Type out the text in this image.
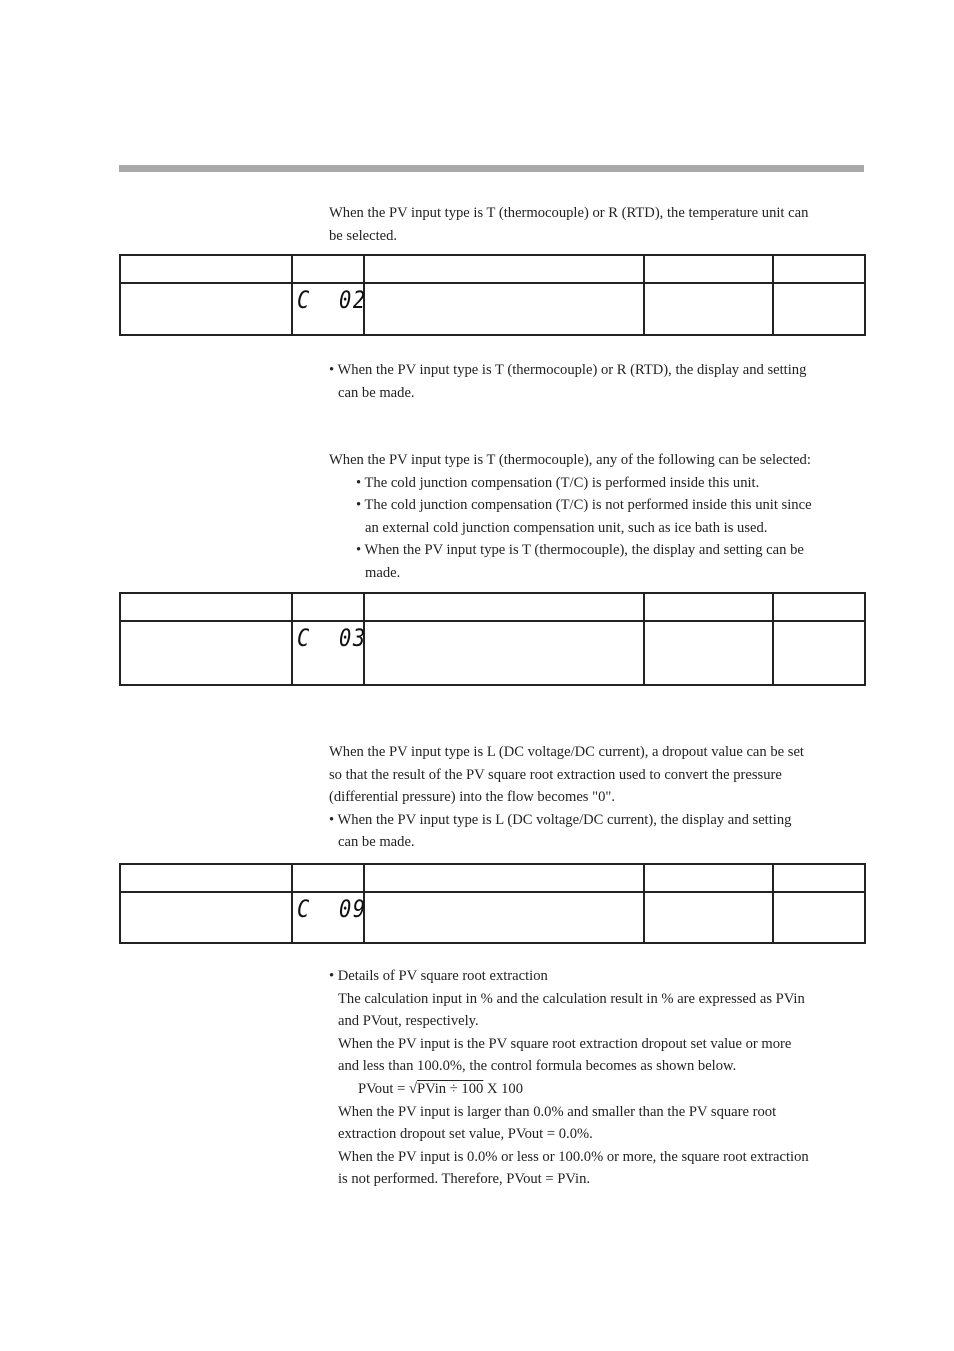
When the PV input type is T (thermocouple) or R (RTD), the temperature unit can

be selected.

	C  02			

• When the PV input type is T (thermocouple) or R (RTD), the display and setting

can be made.

When the PV input type is T (thermocouple), any of the following can be selected:

• The cold junction compensation (T/C) is performed inside this unit.

• The cold junction compensation (T/C) is not performed inside this unit since

an external cold junction compensation unit, such as ice bath is used.

• When the PV input type is T (thermocouple), the display and setting can be

made.

	C  03			

When the PV input type is L (DC voltage/DC current), a dropout value can be set

so that the result of the PV square root extraction used to convert the pressure

(differential pressure) into the flow becomes "0".

• When the PV input type is L (DC voltage/DC current), the display and setting

can be made.

	C  09			

• Details of PV square root extraction

The calculation input in % and the calculation result in % are expressed as PVin

and PVout, respectively.

When the PV input is the PV square root extraction dropout set value or more

and less than 100.0%, the control formula becomes as shown below.

PVout = √PVin ÷ 100 X 100

When the PV input is larger than 0.0% and smaller than the PV square root

extraction dropout set value, PVout = 0.0%.

When the PV input is 0.0% or less or 100.0% or more, the square root extraction

is not performed. Therefore, PVout = PVin.
